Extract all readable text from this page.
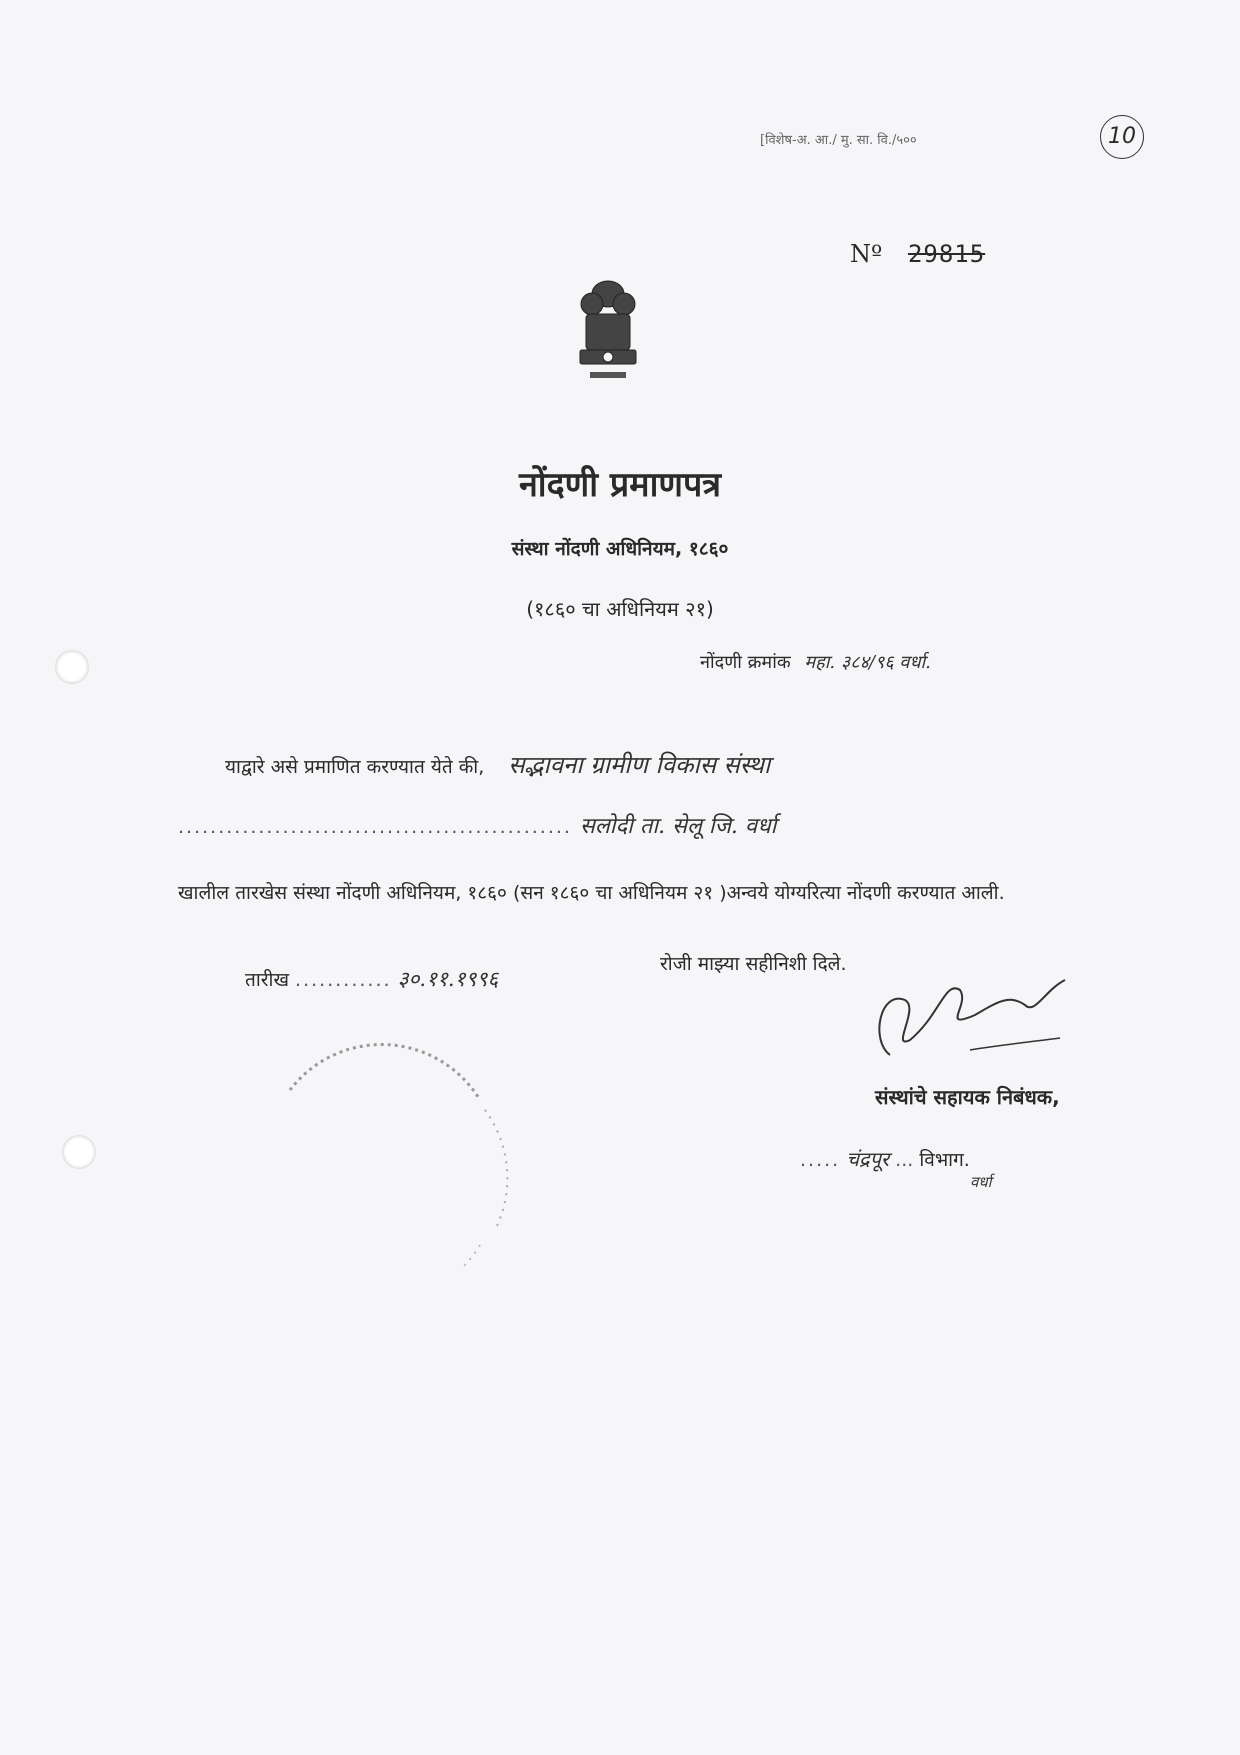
[विशेष-अ. आ./ मु. सा. वि./५००	10
Nº 29815
नोंदणी प्रमाणपत्र
संस्था नोंदणी अधिनियम, १८६०
(१८६० चा अधिनियम २१)
नोंदणी क्रमांक महा. ३८४/९६ वर्धा.
याद्वारे असे प्रमाणित करण्यात येते की, सद्भावना ग्रामीण विकास संस्था
................................................. सलोदी ता. सेलू जि. वर्धा
खालील तारखेस संस्था नोंदणी अधिनियम, १८६० (सन १८६० चा अधिनियम २१ )अन्वये योग्यरित्या नोंदणी करण्यात आली.
तारीख ............ ३०.११.१९९६
रोजी माझ्या सहीनिशी दिले.
संस्थांचे सहायक निबंधक,
..... चंद्रपूर ... विभाग.
वर्धा
